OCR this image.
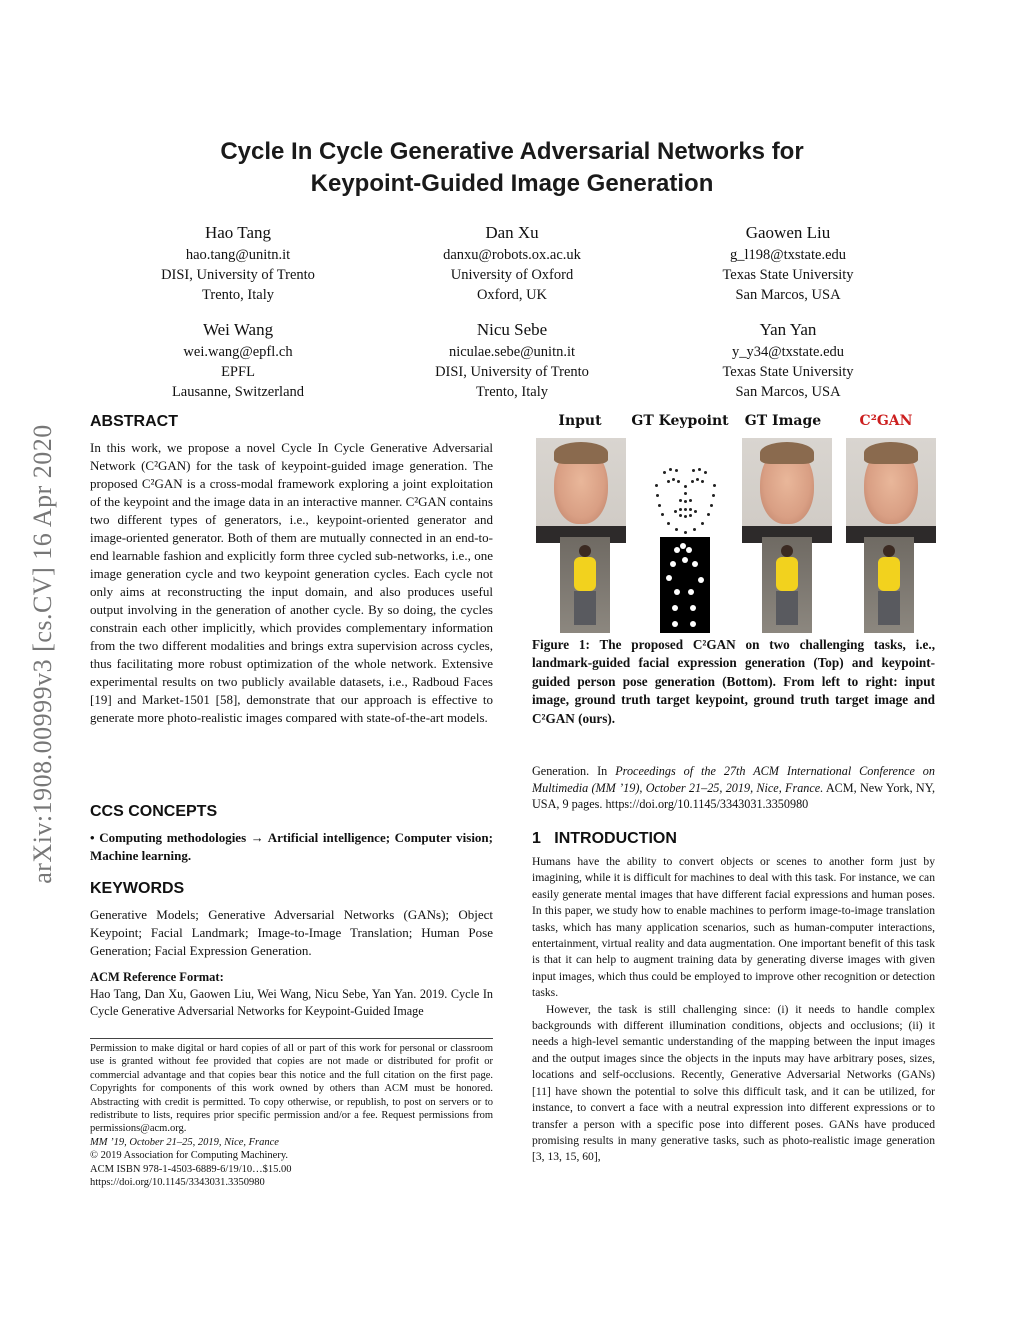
Cycle In Cycle Generative Adversarial Networks for
Keypoint-Guided Image Generation
Hao Tang
hao.tang@unitn.it
DISI, University of Trento
Trento, Italy
Dan Xu
danxu@robots.ox.ac.uk
University of Oxford
Oxford, UK
Gaowen Liu
g_l198@txstate.edu
Texas State University
San Marcos, USA
Wei Wang
wei.wang@epfl.ch
EPFL
Lausanne, Switzerland
Nicu Sebe
niculae.sebe@unitn.it
DISI, University of Trento
Trento, Italy
Yan Yan
y_y34@txstate.edu
Texas State University
San Marcos, USA
arXiv:1908.00999v3 [cs.CV] 16 Apr 2020
ABSTRACT
In this work, we propose a novel Cycle In Cycle Generative Adversarial Network (C²GAN) for the task of keypoint-guided image generation. The proposed C²GAN is a cross-modal framework exploring a joint exploitation of the keypoint and the image data in an interactive manner. C²GAN contains two different types of generators, i.e., keypoint-oriented generator and image-oriented generator. Both of them are mutually connected in an end-to-end learnable fashion and explicitly form three cycled sub-networks, i.e., one image generation cycle and two keypoint generation cycles. Each cycle not only aims at reconstructing the input domain, and also produces useful output involving in the generation of another cycle. By so doing, the cycles constrain each other implicitly, which provides complementary information from the two different modalities and brings extra supervision across cycles, thus facilitating more robust optimization of the whole network. Extensive experimental results on two publicly available datasets, i.e., Radboud Faces [19] and Market-1501 [58], demonstrate that our approach is effective to generate more photo-realistic images compared with state-of-the-art models.
CCS CONCEPTS
• Computing methodologies → Artificial intelligence; Computer vision; Machine learning.
KEYWORDS
Generative Models; Generative Adversarial Networks (GANs); Object Keypoint; Facial Landmark; Image-to-Image Translation; Human Pose Generation; Facial Expression Generation.
ACM Reference Format:
Hao Tang, Dan Xu, Gaowen Liu, Wei Wang, Nicu Sebe, Yan Yan. 2019. Cycle In Cycle Generative Adversarial Networks for Keypoint-Guided Image
Permission to make digital or hard copies of all or part of this work for personal or classroom use is granted without fee provided that copies are not made or distributed for profit or commercial advantage and that copies bear this notice and the full citation on the first page. Copyrights for components of this work owned by others than ACM must be honored. Abstracting with credit is permitted. To copy otherwise, or republish, to post on servers or to redistribute to lists, requires prior specific permission and/or a fee. Request permissions from permissions@acm.org.
MM ’19, October 21–25, 2019, Nice, France
© 2019 Association for Computing Machinery.
ACM ISBN 978-1-4503-6889-6/19/10…$15.00
https://doi.org/10.1145/3343031.3350980
Input	GT Keypoint	GT Image	C²GAN
Figure 1: The proposed C²GAN on two challenging tasks, i.e., landmark-guided facial expression generation (Top) and keypoint-guided person pose generation (Bottom). From left to right: input image, ground truth target keypoint, ground truth target image and C²GAN (ours).
Generation. In Proceedings of the 27th ACM International Conference on Multimedia (MM ’19), October 21–25, 2019, Nice, France. ACM, New York, NY, USA, 9 pages. https://doi.org/10.1145/3343031.3350980
1 INTRODUCTION
Humans have the ability to convert objects or scenes to another form just by imagining, while it is difficult for machines to deal with this task. For instance, we can easily generate mental images that have different facial expressions and human poses. In this paper, we study how to enable machines to perform image-to-image translation tasks, which has many application scenarios, such as human-computer interactions, entertainment, virtual reality and data augmentation. One important benefit of this task is that it can help to augment training data by generating diverse images with given input images, which thus could be employed to improve other recognition or detection tasks.
However, the task is still challenging since: (i) it needs to handle complex backgrounds with different illumination conditions, objects and occlusions; (ii) it needs a high-level semantic understanding of the mapping between the input images and the output images since the objects in the inputs may have arbitrary poses, sizes, locations and self-occlusions. Recently, Generative Adversarial Networks (GANs) [11] have shown the potential to solve this difficult task, and it can be utilized, for instance, to convert a face with a neutral expression into different expressions or to transfer a person with a specific pose into different poses. GANs have produced promising results in many generative tasks, such as photo-realistic image generation [3, 13, 15, 60],
